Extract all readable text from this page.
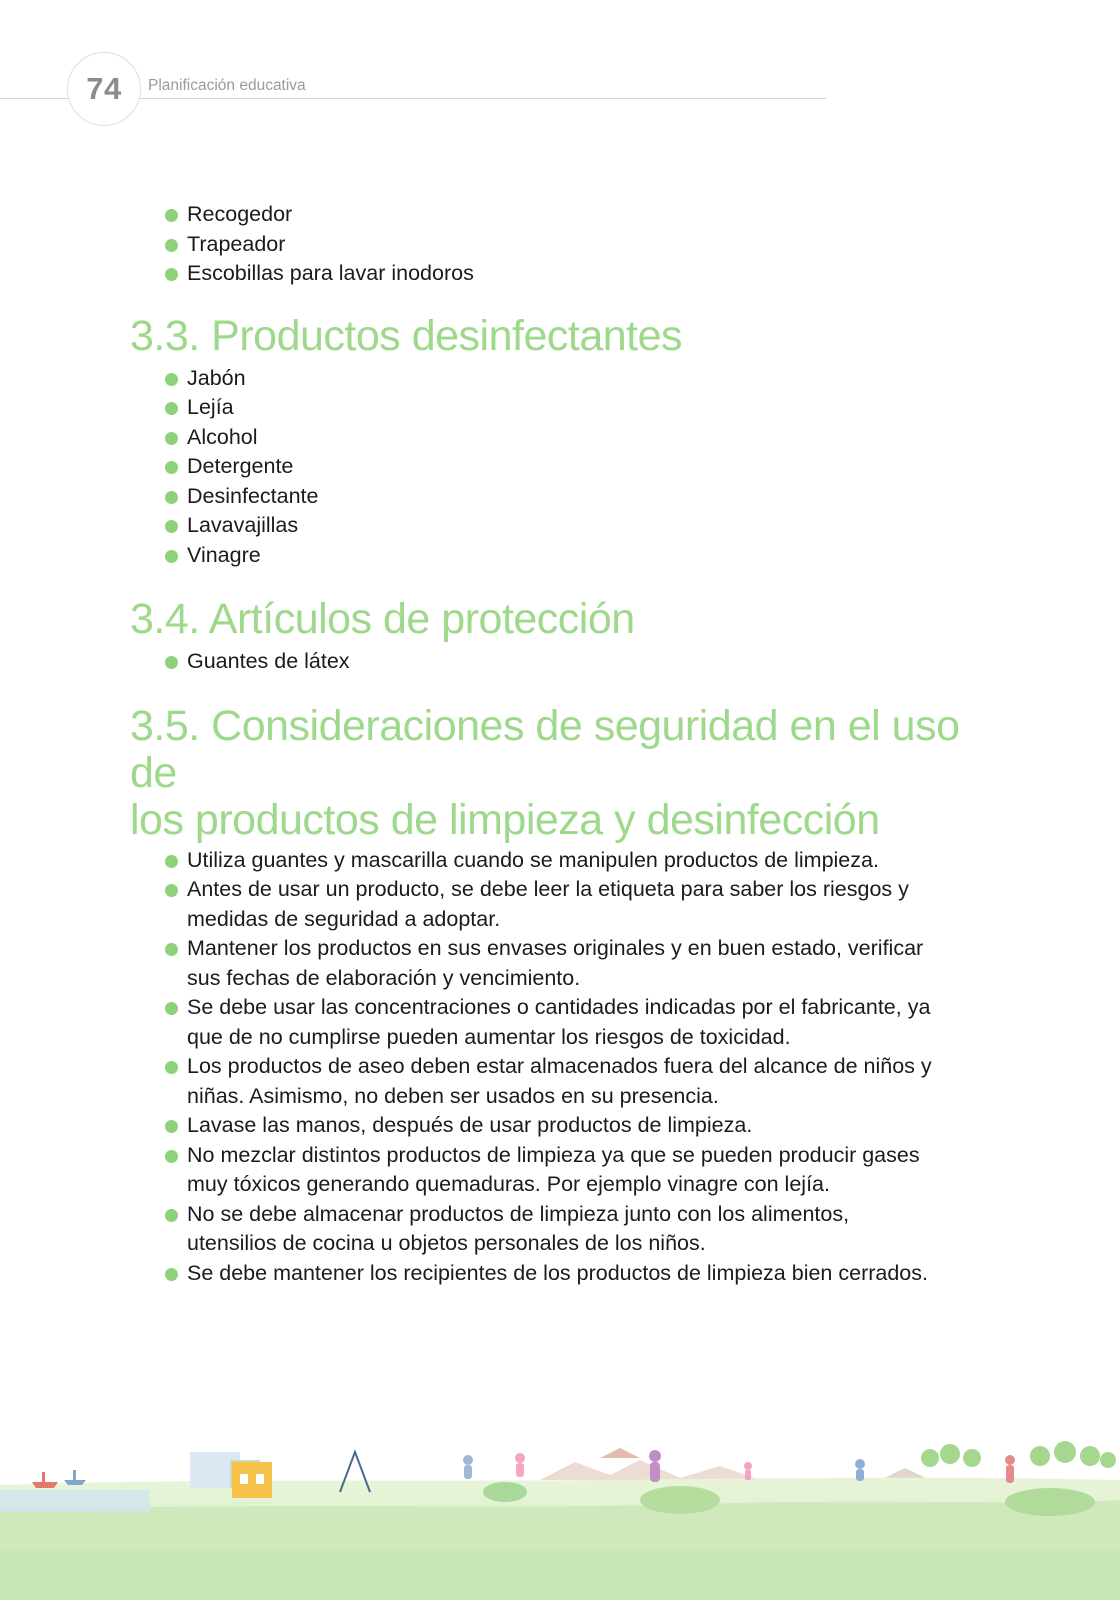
74 Planificación educativa
Recogedor
Trapeador
Escobillas para lavar inodoros
3.3. Productos desinfectantes
Jabón
Lejía
Alcohol
Detergente
Desinfectante
Lavavajillas
Vinagre
3.4. Artículos de protección
Guantes de látex
3.5. Consideraciones de seguridad en el uso de
los productos de limpieza y desinfección
Utiliza guantes y mascarilla cuando se manipulen productos de limpieza.
Antes de usar un producto, se debe leer la etiqueta para saber los riesgos y
medidas de seguridad a adoptar.
Mantener los productos en sus envases originales y en buen estado, verificar
sus fechas de elaboración y vencimiento.
Se debe usar las concentraciones o cantidades indicadas por el fabricante, ya
que de no cumplirse pueden aumentar los riesgos de toxicidad.
Los productos de aseo deben estar almacenados fuera del alcance de niños y
niñas. Asimismo, no deben ser usados en su presencia.
Lavase las manos, después de usar productos de limpieza.
No mezclar distintos productos de limpieza ya que se pueden producir gases
muy tóxicos generando quemaduras. Por ejemplo vinagre con lejía.
No se debe almacenar productos de limpieza junto con los alimentos,
utensilios de cocina u objetos personales de los niños.
Se debe mantener los recipientes de los productos de limpieza bien cerrados.
